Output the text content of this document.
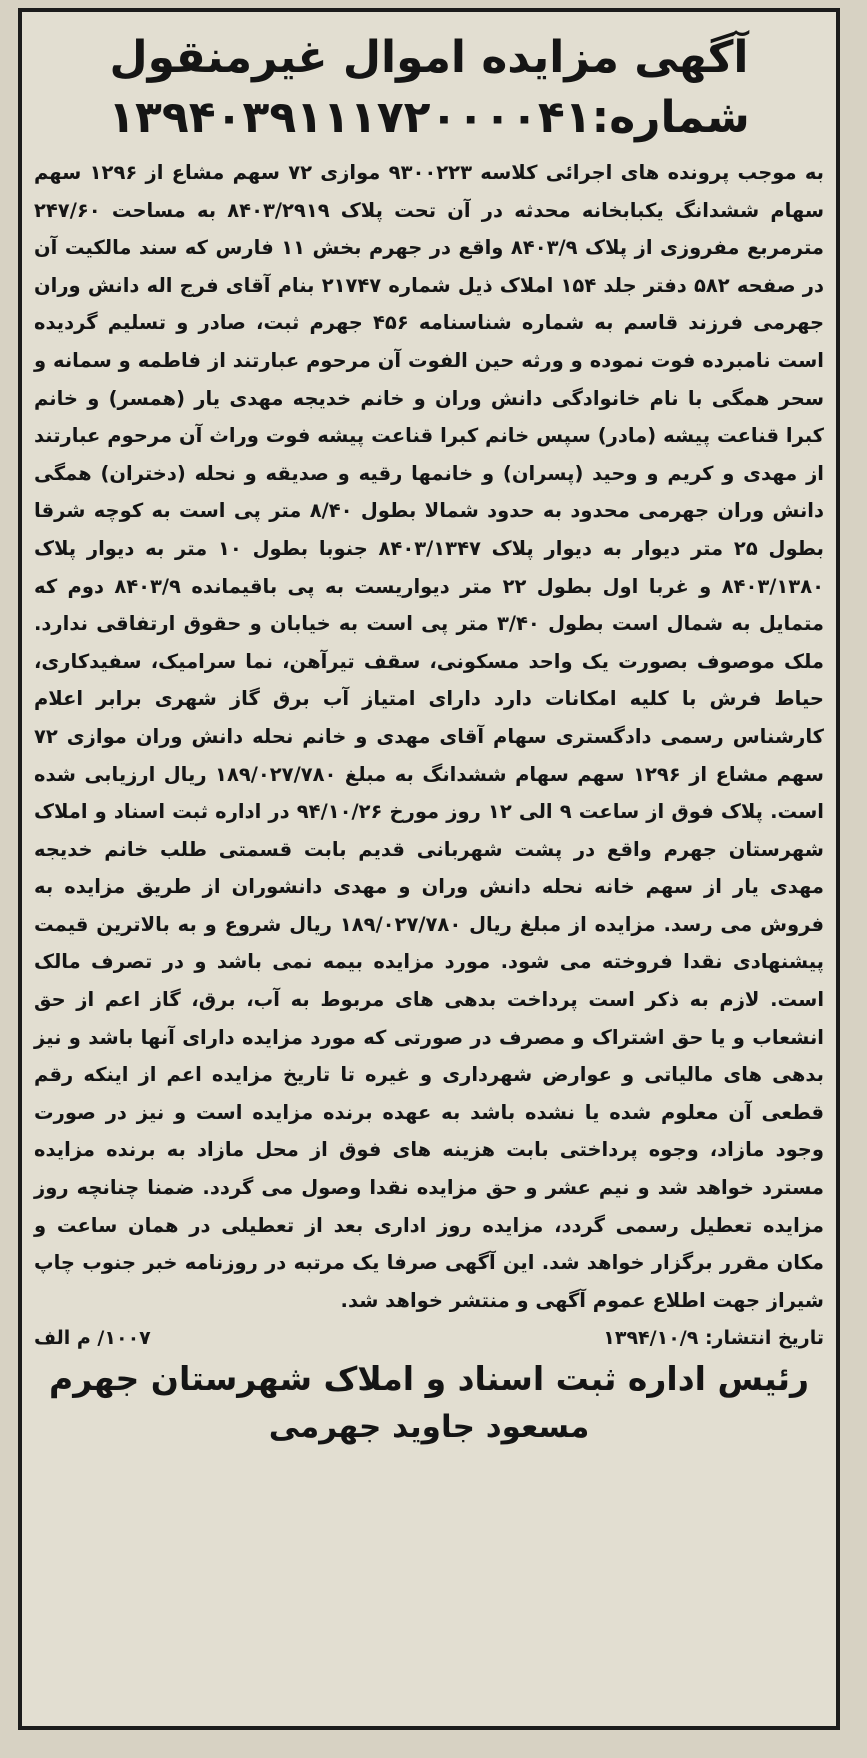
آگهی مزایده اموال غیرمنقول
شماره:۱۳۹۴۰۳۹۱۱۱۷۲۰۰۰۰۴۱

به موجب پرونده های اجرائی کلاسه ۹۳۰۰۲۲۳ موازی ۷۲ سهم مشاع از ۱۲۹۶ سهم سهام ششدانگ یکبابخانه محدثه در آن تحت پلاک ۸۴۰۳/۲۹۱۹ به مساحت ۲۴۷/۶۰ مترمربع مفروزی از پلاک ۸۴۰۳/۹ واقع در جهرم بخش ۱۱ فارس که سند مالکیت آن در صفحه ۵۸۲ دفتر جلد ۱۵۴ املاک ذیل شماره ۲۱۷۴۷ بنام آقای فرج اله دانش وران جهرمی فرزند قاسم به شماره شناسنامه ۴۵۶ جهرم ثبت، صادر و تسلیم گردیده است نامبرده فوت نموده و ورثه حین الفوت آن مرحوم عبارتند از فاطمه و سمانه و سحر همگی با نام خانوادگی دانش وران و خانم خدیجه مهدی یار (همسر) و خانم کبرا قناعت پیشه (مادر) سپس خانم کبرا قناعت پیشه فوت وراث آن مرحوم عبارتند از مهدی و کریم و وحید (پسران) و خانمها رقیه و صدیقه و نحله (دختران) همگی دانش وران جهرمی محدود به حدود شمالا بطول ۸/۴۰ متر پی است به کوچه شرقا بطول ۲۵ متر دیوار به دیوار پلاک ۸۴۰۳/۱۳۴۷ جنوبا بطول ۱۰ متر به دیوار پلاک ۸۴۰۳/۱۳۸۰ و غربا اول بطول ۲۲ متر دیواریست به پی باقیمانده ۸۴۰۳/۹ دوم که متمایل به شمال است بطول ۳/۴۰ متر پی است به خیابان و حقوق ارتفاقی ندارد. ملک موصوف بصورت یک واحد مسکونی، سقف تیرآهن، نما سرامیک، سفیدکاری، حیاط فرش با کلیه امکانات دارد دارای امتیاز آب برق گاز شهری برابر اعلام کارشناس رسمی دادگستری سهام آقای مهدی و خانم نحله دانش وران موازی ۷۲ سهم مشاع از ۱۲۹۶ سهم سهام ششدانگ به مبلغ ۱۸۹/۰۲۷/۷۸۰ ریال ارزیابی شده است. پلاک فوق از ساعت ۹ الی ۱۲ روز مورخ ۹۴/۱۰/۲۶ در اداره ثبت اسناد و املاک شهرستان جهرم واقع در پشت شهربانی قدیم بابت قسمتی طلب خانم خدیجه مهدی یار از سهم خانه نحله دانش وران و مهدی دانشوران از طریق مزایده به فروش می رسد. مزایده از مبلغ ریال ۱۸۹/۰۲۷/۷۸۰ ریال شروع و به بالاترین قیمت پیشنهادی نقدا فروخته می شود. مورد مزایده بیمه نمی باشد و در تصرف مالک است. لازم به ذکر است پرداخت بدهی های مربوط به آب، برق، گاز اعم از حق انشعاب و یا حق اشتراک و مصرف در صورتی که مورد مزایده دارای آنها باشد و نیز بدهی های مالیاتی و عوارض شهرداری و غیره تا تاریخ مزایده اعم از اینکه رقم قطعی آن معلوم شده یا نشده باشد به عهده برنده مزایده است و نیز در صورت وجود مازاد، وجوه پرداختی بابت هزینه های فوق از محل مازاد به برنده مزایده مسترد خواهد شد و نیم عشر و حق مزایده نقدا وصول می گردد. ضمنا چنانچه روز مزایده تعطیل رسمی گردد، مزایده روز اداری بعد از تعطیلی در همان ساعت و مکان مقرر برگزار خواهد شد. این آگهی صرفا یک مرتبه در روزنامه خبر جنوب چاپ شیراز جهت اطلاع عموم آگهی و منتشر خواهد شد.

تاریخ انتشار: ۱۳۹۴/۱۰/۹
۱۰۰۷/ م الف
رئیس اداره ثبت اسناد و املاک شهرستان جهرم
مسعود جاوید جهرمی
